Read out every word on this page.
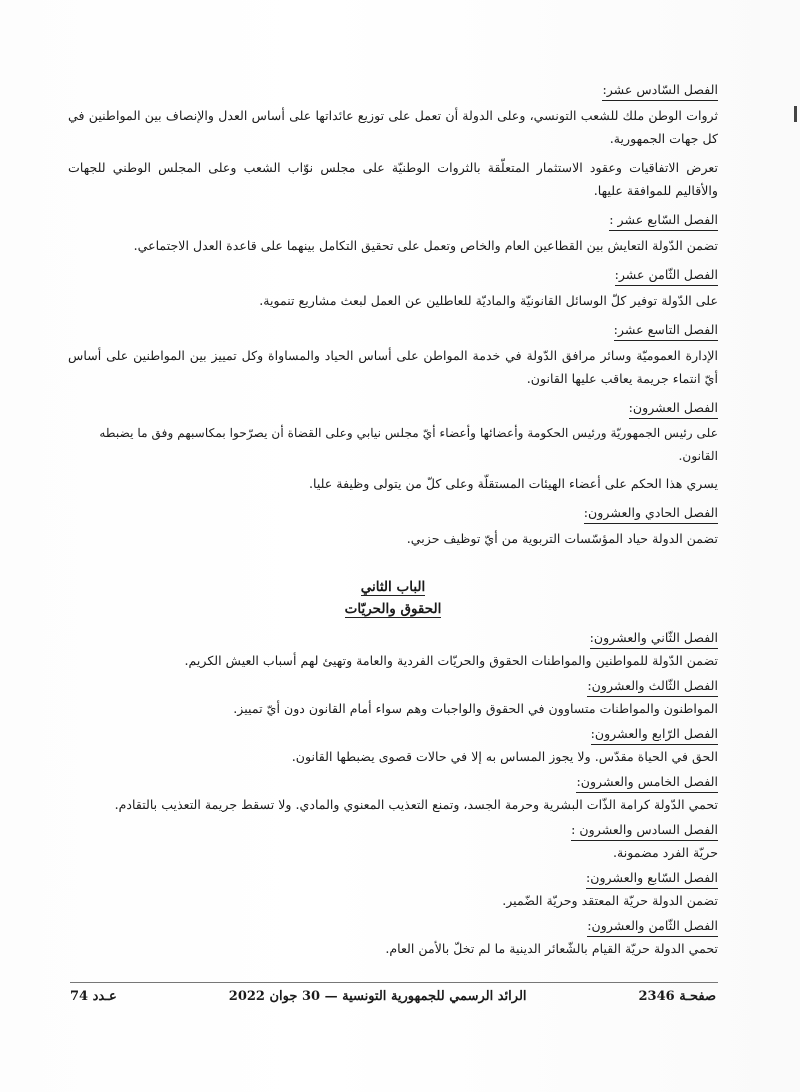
الفصل السّادس عشر:

ثروات الوطن ملك للشعب التونسي، وعلى الدولة أن تعمل على توزيع عائداتها على أساس العدل والإنصاف بين المواطنين في كل جهات الجمهورية.

تعرض الاتفاقيات وعقود الاستثمار المتعلّقة بالثروات الوطنيّة على مجلس نوّاب الشعب وعلى المجلس الوطني للجهات والأقاليم للموافقة عليها.

الفصل السّابع عشر :

تضمن الدّولة التعايش بين القطاعين العام والخاص وتعمل على تحقيق التكامل بينهما على قاعدة العدل الاجتماعي.

الفصل الثّامن عشر:

على الدّولة توفير كلّ الوسائل القانونيّة والماديّة للعاطلين عن العمل لبعث مشاريع تنموية.

الفصل التاسع عشر:

الإدارة العموميّة وسائر مرافق الدّولة في خدمة المواطن على أساس الحياد والمساواة وكل تمييز بين المواطنين على أساس أيّ انتماء جريمة يعاقب عليها القانون.

الفصل العشرون:

على رئيس الجمهوريّة ورئيس الحكومة وأعضائها وأعضاء أيّ مجلس نيابي وعلى القضاة أن يصرّحوا بمكاسبهم وفق ما يضبطه القانون.

يسري هذا الحكم على أعضاء الهيئات المستقلّة وعلى كلّ من يتولى وظيفة عليا.

الفصل الحادي والعشرون:

تضمن الدولة حياد المؤسّسات التربوية من أيّ توظيف حزبي.

الباب الثاني
الحقوق والحريّات
الفصل الثّاني والعشرون:

تضمن الدّولة للمواطنين والمواطنات الحقوق والحريّات الفردية والعامة وتهيئ لهم أسباب العيش الكريم.

الفصل الثّالث والعشرون:

المواطنون والمواطنات متساوون في الحقوق والواجبات وهم سواء أمام القانون دون أيّ تمييز.

الفصل الرّابع والعشرون:

الحق في الحياة مقدّس. ولا يجوز المساس به إلا في حالات قصوى يضبطها القانون.

الفصل الخامس والعشرون:

تحمي الدّولة كرامة الذّات البشرية وحرمة الجسد، وتمنع التعذيب المعنوي والمادي. ولا تسقط جريمة التعذيب بالتقادم.

الفصل السادس والعشرون :

حريّة الفرد مضمونة.

الفصل السّابع والعشرون:

تضمن الدولة حريّة المعتقد وحريّة الضّمير.

الفصل الثّامن والعشرون:

تحمي الدولة حريّة القيام بالشّعائر الدينية ما لم تخلّ بالأمن العام.

صفحـة 2346
الرائد الرسمي للجمهورية التونسية — 30 جوان 2022
عـدد 74
